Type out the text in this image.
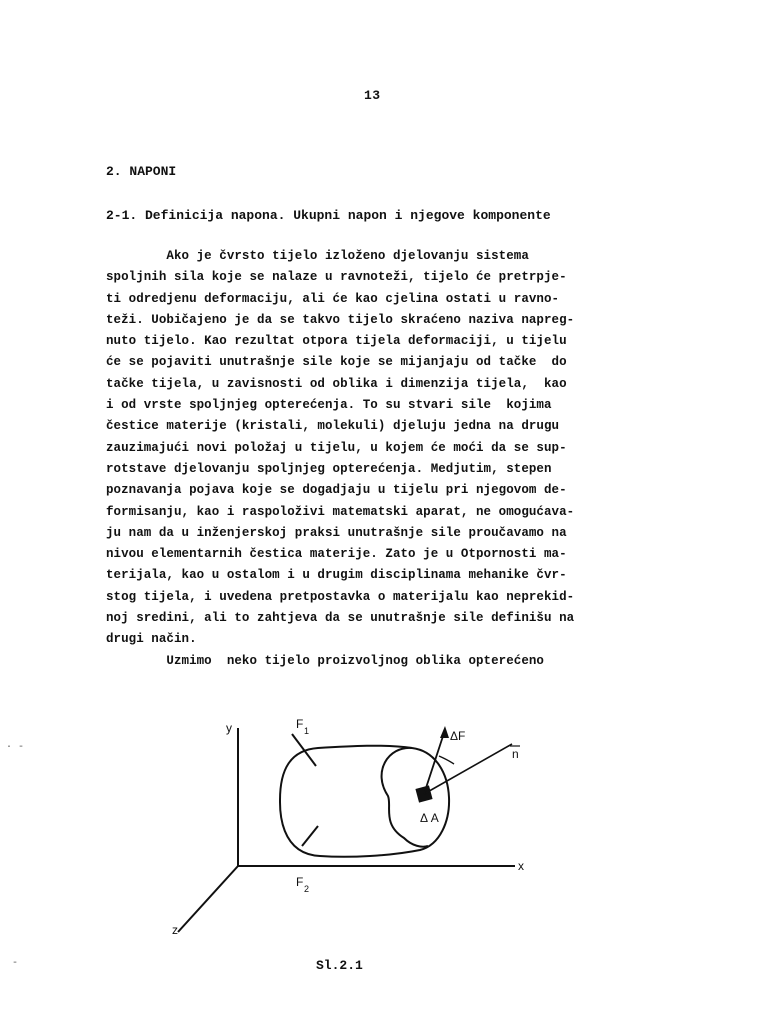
13
2. NAPONI
2-1. Definicija napona. Ukupni napon i njegove komponente
Ako je čvrsto tijelo izloženo djelovanju sistema
spoljnih sila koje se nalaze u ravnoteži, tijelo će pretrpje-
ti odredjenu deformaciju, ali će kao cjelina ostati u ravno-
teži. Uobičajeno je da se takvo tijelo skraćeno naziva napreg-
nuto tijelo. Kao rezultat otpora tijela deformaciji, u tijelu
će se pojaviti unutrašnje sile koje se mijanjaju od tačke  do
tačke tijela, u zavisnosti od oblika i dimenzija tijela,  kao
i od vrste spoljnjeg opterećenja. To su stvari sile  kojima
čestice materije (kristali, molekuli) djeluju jedna na drugu
zauzimajući novi položaj u tijelu, u kojem će moći da se sup-
rotstave djelovanju spoljnjeg opterećenja. Medjutim, stepen
poznavanja pojava koje se dogadjaju u tijelu pri njegovom de-
formisanju, kao i raspoloživi matematski aparat, ne omogućava-
ju nam da u inženjerskoj praksi unutrašnje sile proučavamo na
nivou elementarnih čestica materije. Zato je u Otpornosti ma-
terijala, kao u ostalom i u drugim disciplinama mehanike čvr-
stog tijela, i uvedena pretpostavka o materijalu kao neprekid-
noj sredini, ali to zahtjeva da se unutrašnje sile definišu na
drugi način.
Uzmimo  neko tijelo proizvoljnog oblika opterećeno
y
x
z
F 1
F 2
ΔF
Δ A
n
Sl.2.1
· ‐
‐
